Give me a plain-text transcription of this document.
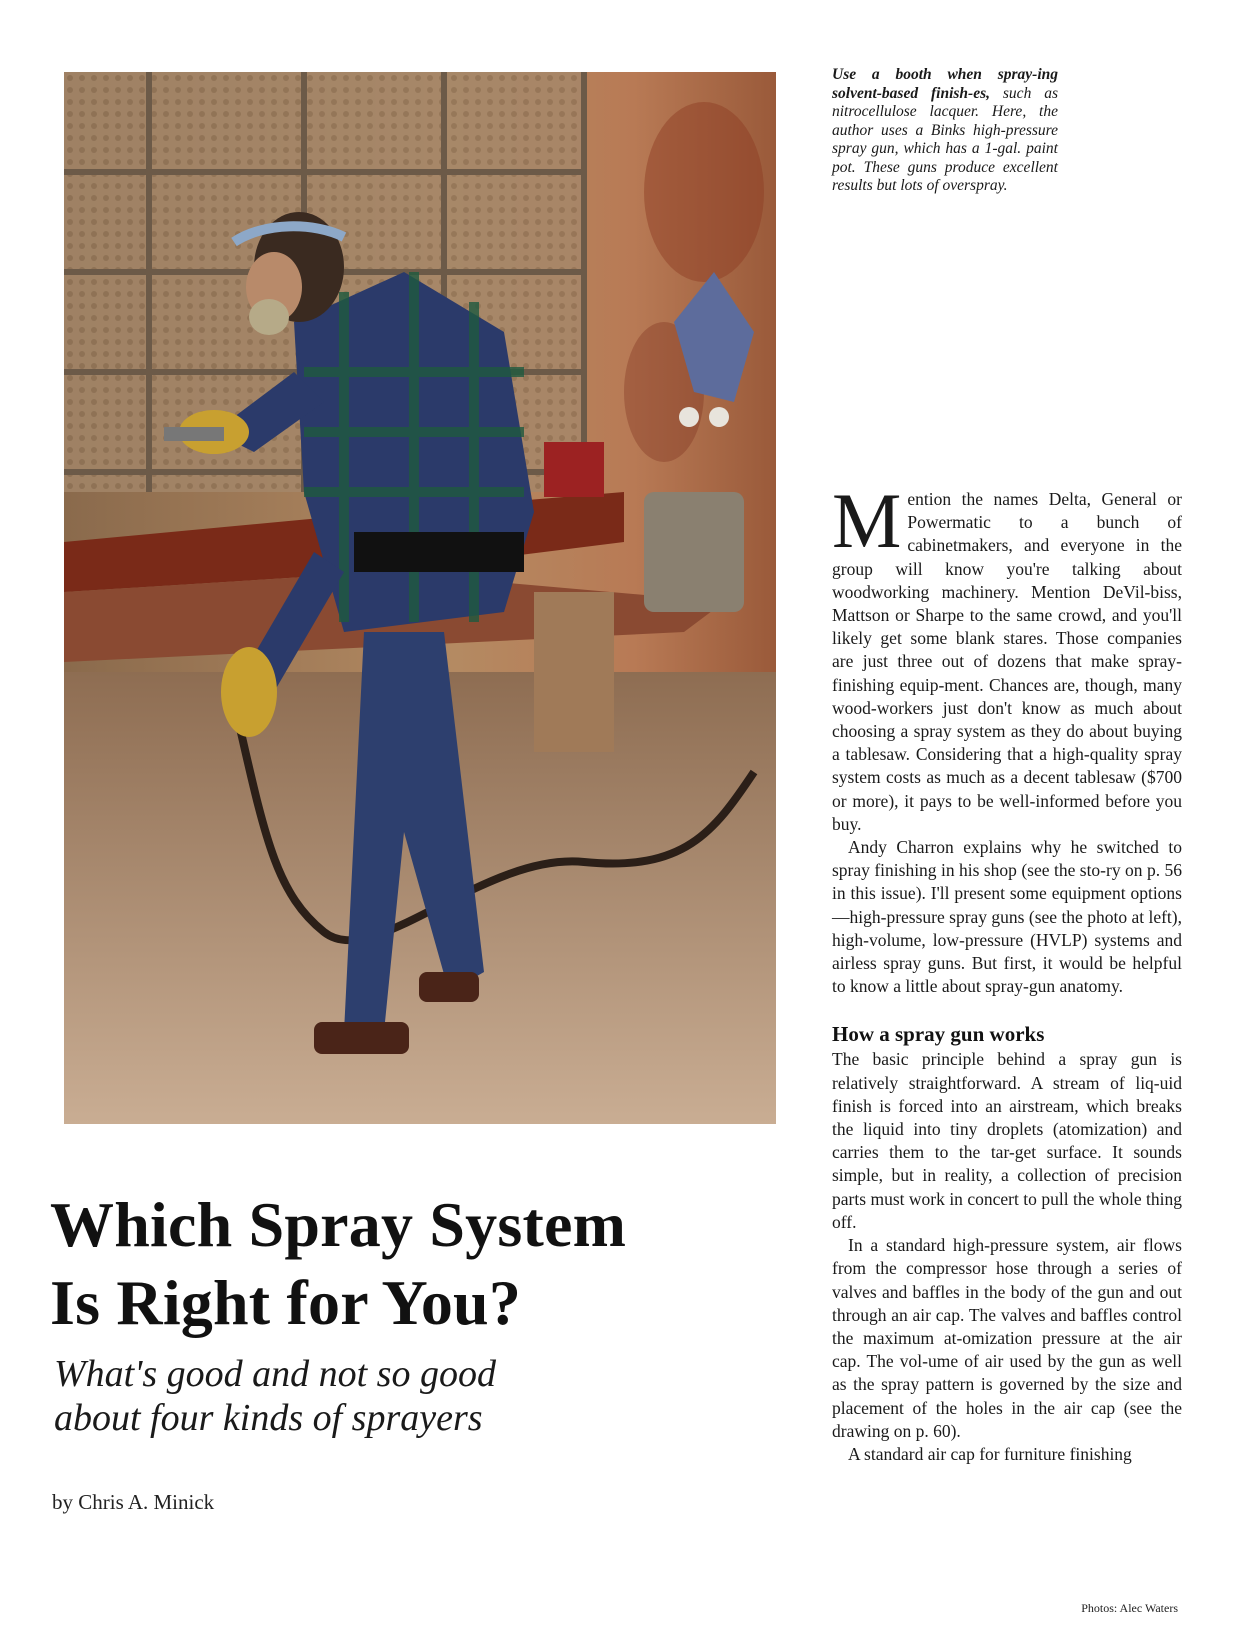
Use a booth when spray-ing solvent-based finish-es, such as nitrocellulose lacquer. Here, the author uses a Binks high-pressure spray gun, which has a 1-gal. paint pot. These guns produce excellent results but lots of overspray.
Which Spray System
Is Right for You?
What's good and not so good
about four kinds of sprayers
by Chris A. Minick

Mention the names Delta, General or Powermatic to a bunch of cabinetmakers, and everyone in the group will know you're talking about woodworking machinery. Mention DeVil-biss, Mattson or Sharpe to the same crowd, and you'll likely get some blank stares. Those companies are just three out of dozens that make spray-finishing equip-ment. Chances are, though, many wood-workers just don't know as much about choosing a spray system as they do about buying a tablesaw. Considering that a high-quality spray system costs as much as a decent tablesaw ($700 or more), it pays to be well-informed before you buy.

Andy Charron explains why he switched to spray finishing in his shop (see the sto-ry on p. 56 in this issue). I'll present some equipment options—high-pressure spray guns (see the photo at left), high-volume, low-pressure (HVLP) systems and airless spray guns. But first, it would be helpful to know a little about spray-gun anatomy.

How a spray gun works

The basic principle behind a spray gun is relatively straightforward. A stream of liq-uid finish is forced into an airstream, which breaks the liquid into tiny droplets (atomization) and carries them to the tar-get surface. It sounds simple, but in reality, a collection of precision parts must work in concert to pull the whole thing off.

In a standard high-pressure system, air flows from the compressor hose through a series of valves and baffles in the body of the gun and out through an air cap. The valves and baffles control the maximum at-omization pressure at the air cap. The vol-ume of air used by the gun as well as the spray pattern is governed by the size and placement of the holes in the air cap (see the drawing on p. 60).

A standard air cap for furniture finishing

Photos: Alec Waters
